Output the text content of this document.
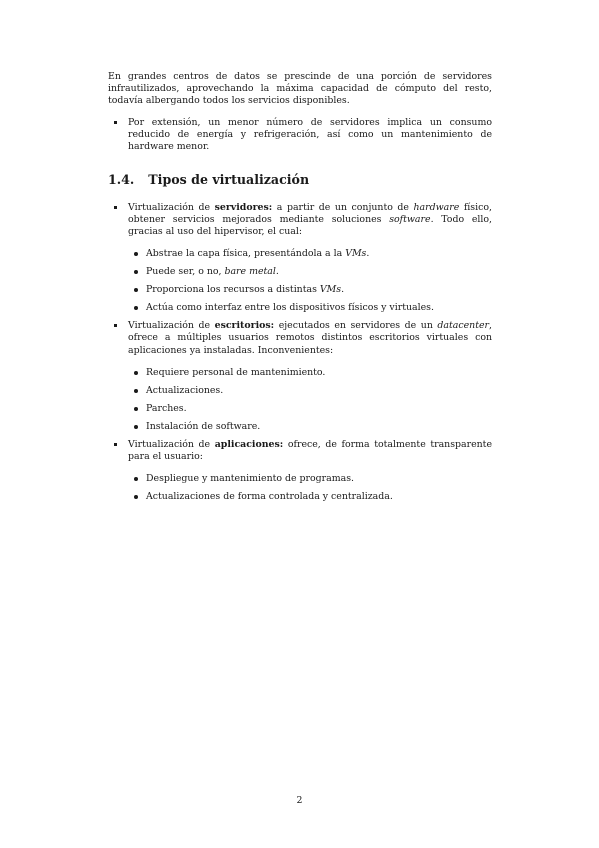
En grandes centros de datos se prescinde de una porción de servidores infrautilizados, aprovechando la máxima capacidad de cómputo del resto, todavía albergando todos los servicios disponibles.

Por extensión, un menor número de servidores implica un consumo reducido de energía y refrigeración, así como un mantenimiento de hardware menor.
1.4. Tipos de virtualización
Virtualización de servidores: a partir de un conjunto de hardware físico, obtener servicios mejorados mediante soluciones software. Todo ello, gracias al uso del hipervisor, el cual:
Abstrae la capa física, presentándola a la VMs.
Puede ser, o no, bare metal.
Proporciona los recursos a distintas VMs.
Actúa como interfaz entre los dispositivos físicos y virtuales.
Virtualización de escritorios: ejecutados en servidores de un datacenter, ofrece a múltiples usuarios remotos distintos escritorios virtuales con aplicaciones ya instaladas. Inconvenientes:
Requiere personal de mantenimiento.
Actualizaciones.
Parches.
Instalación de software.
Virtualización de aplicaciones: ofrece, de forma totalmente transparente para el usuario:
Despliegue y mantenimiento de programas.
Actualizaciones de forma controlada y centralizada.
2
